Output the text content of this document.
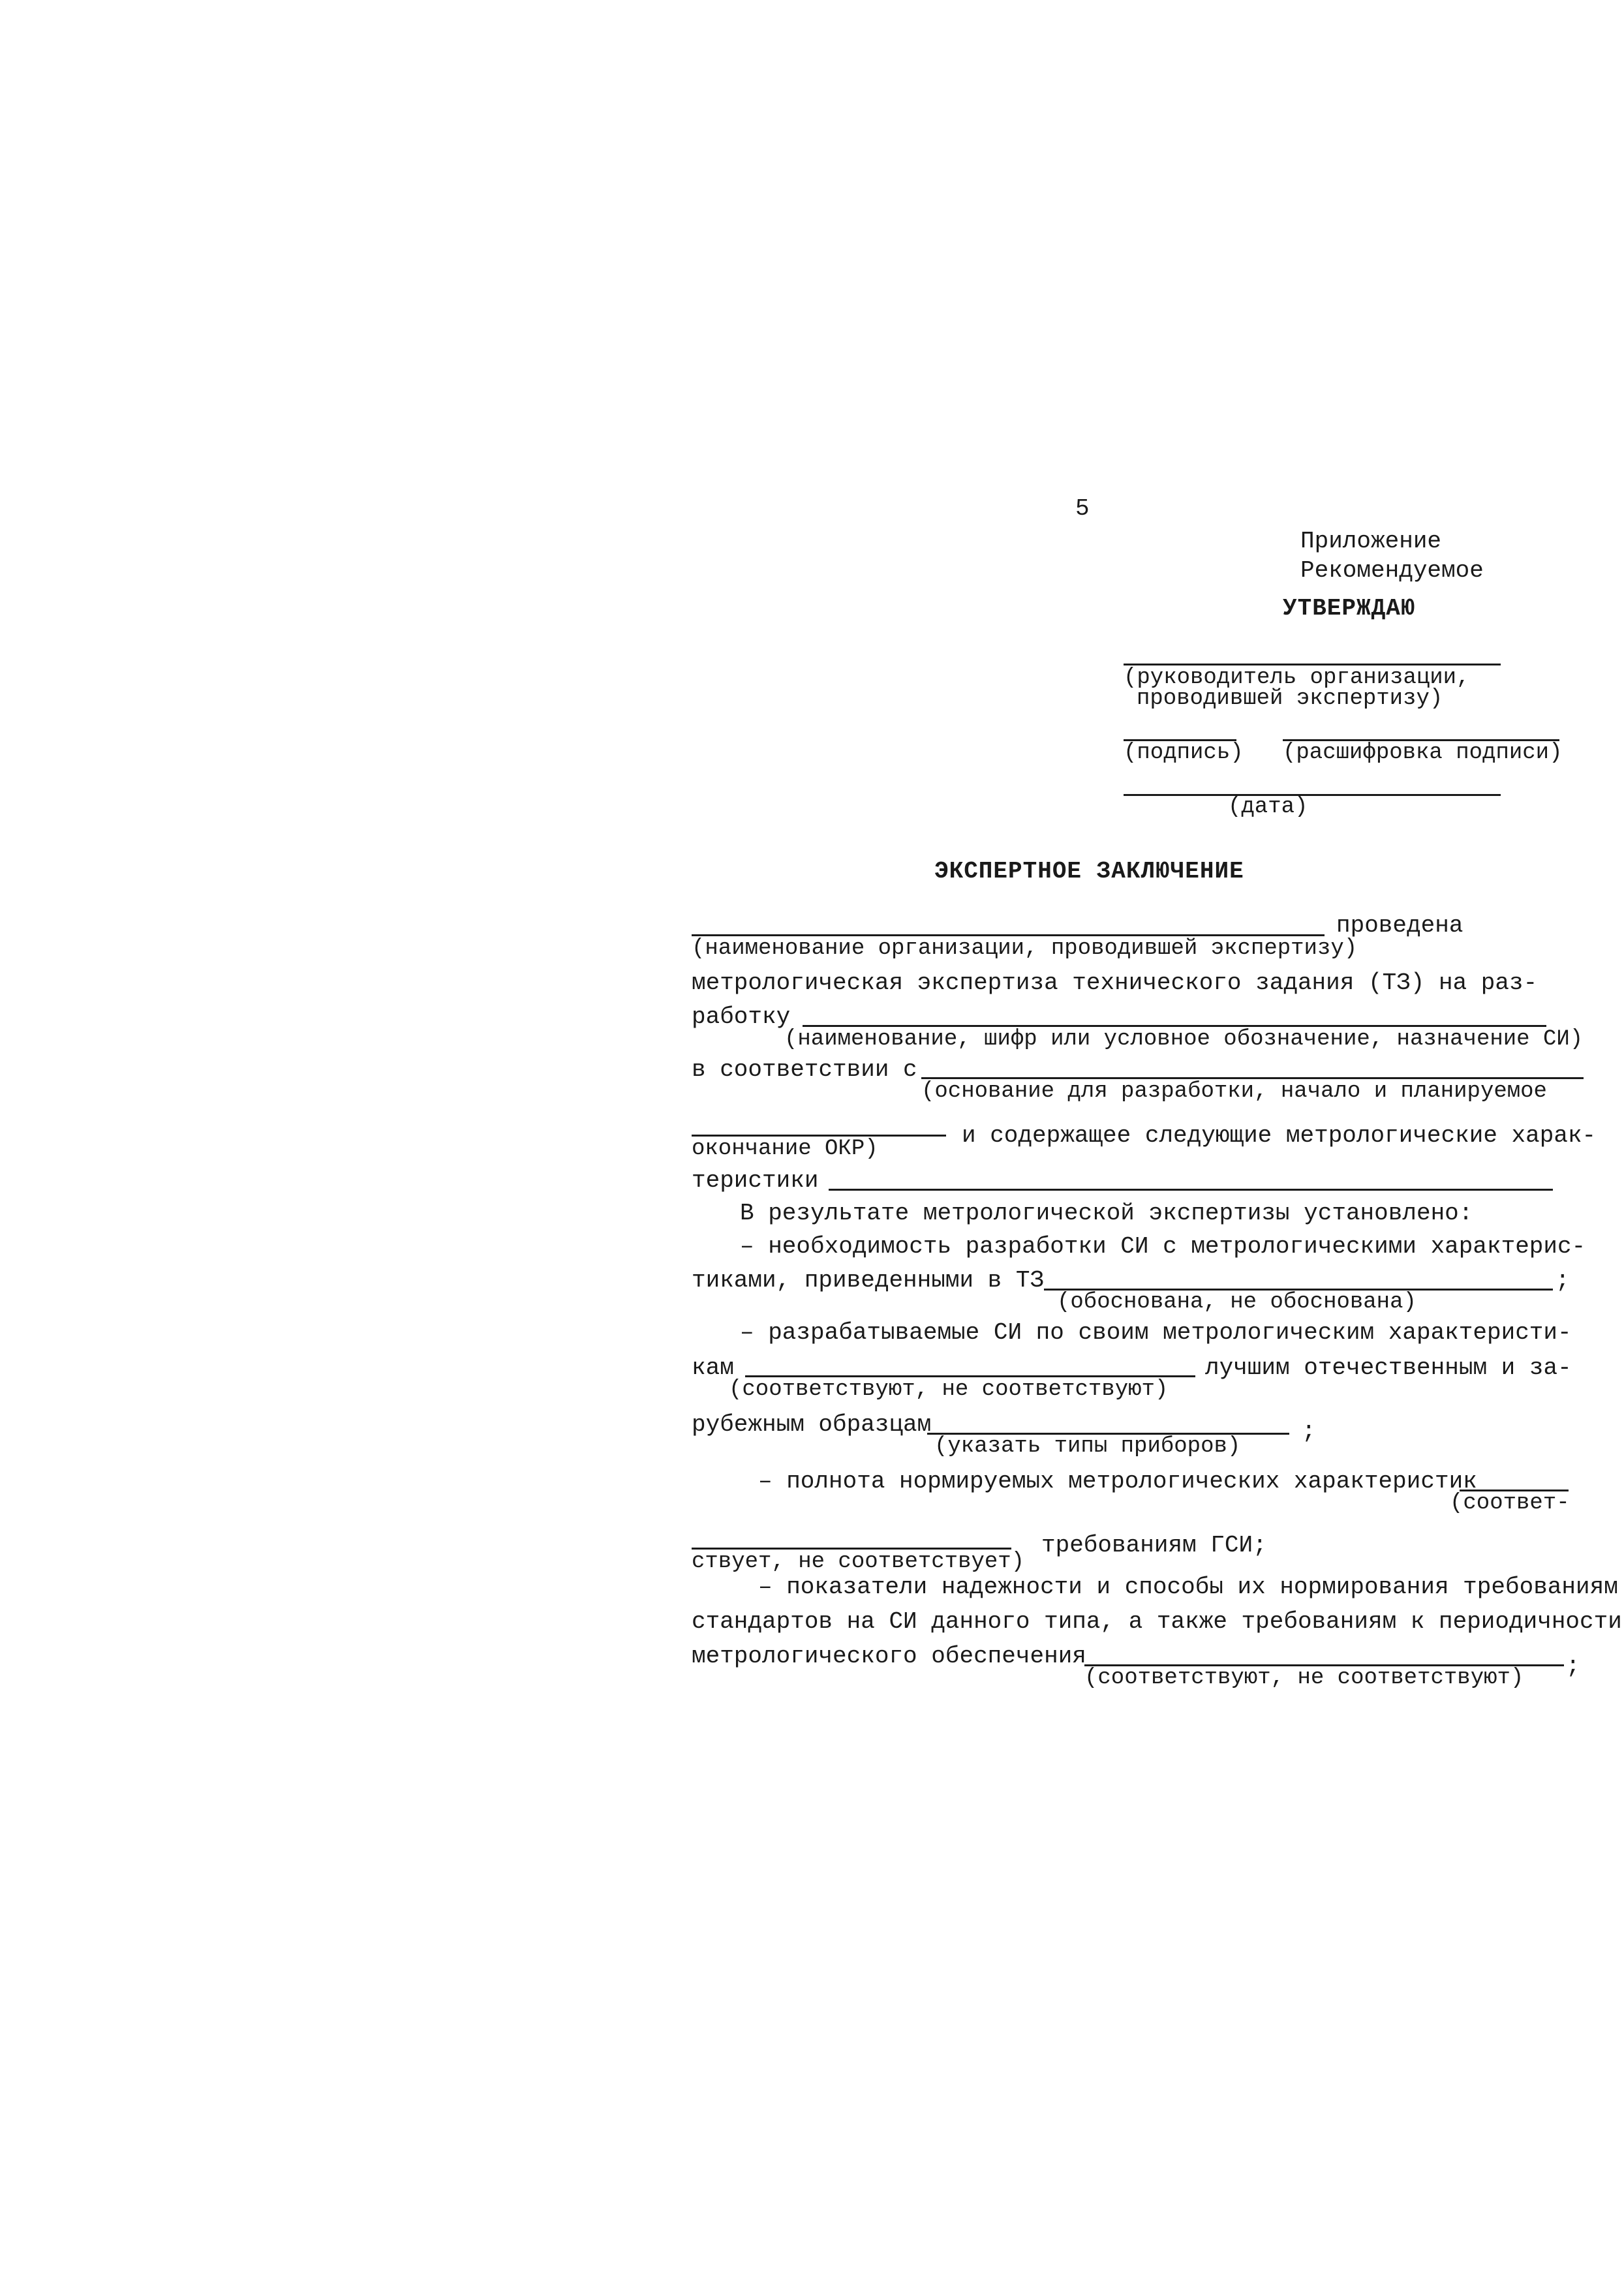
5
Приложение
Рекомендуемое
УТВЕРЖДАЮ
(руководитель организации,
проводившей экспертизу)
(подпись) (расшифровка подписи)
(дата)
ЭКСПЕРТНОЕ ЗАКЛЮЧЕНИЕ
проведена
(наименование организации, проводившей экспертизу)
метрологическая экспертиза технического задания (ТЗ) на раз-
работку
(наименование, шифр или условное обозначение, назначение СИ)
в соответствии с
(основание для разработки, начало и планируемое
окончание ОКР)	и содержащее следующие метрологические харак-
теристики
В результате метрологической экспертизы установлено:
– необходимость разработки СИ с метрологическими характерис-
тиками, приведенными в ТЗ	;
(обоснована, не обоснована)
– разрабатываемые СИ по своим метрологическим характеристи-
кам
(соответствуют, не соответствуют)
лучшим отечественным и за-
рубежным образцам
(указать типы приборов)
;
– полнота нормируемых метрологических характеристик
(соответ-
ствует, не соответствует)
требованиям ГСИ;
– показатели надежности и способы их нормирования требованиям
стандартов на СИ данного типа, а также требованиям к периодичности
метрологического обеспечения
(соответствуют, не соответствуют) ;
